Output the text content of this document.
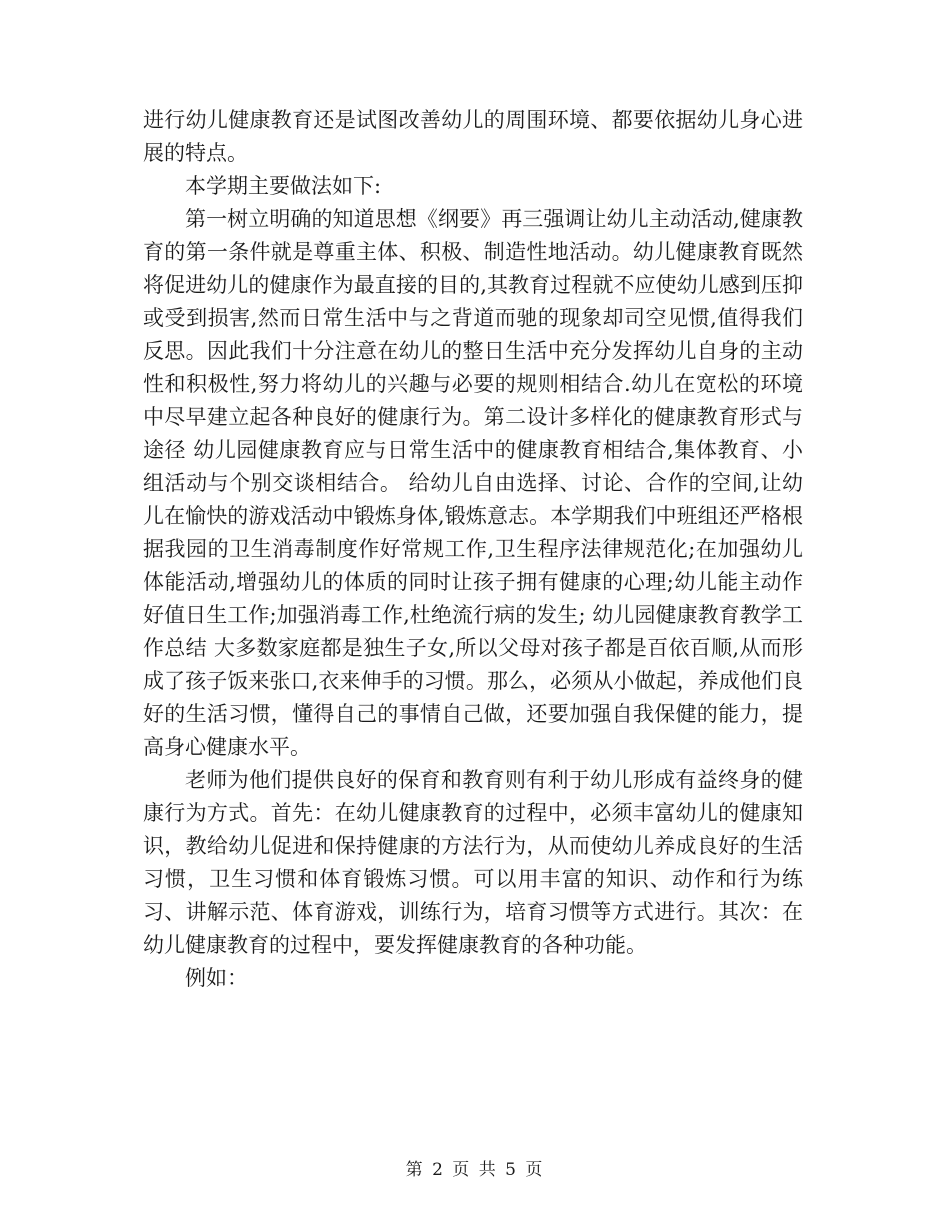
进行幼儿健康教育还是试图改善幼儿的周围环境、都要依据幼儿身心进展的特点。

本学期主要做法如下:

第一树立明确的知道思想《纲要》再三强调让幼儿主动活动,健康教育的第一条件就是尊重主体、积极、制造性地活动。幼儿健康教育既然将促进幼儿的健康作为最直接的目的,其教育过程就不应使幼儿感到压抑或受到损害,然而日常生活中与之背道而驰的现象却司空见惯,值得我们反思。因此我们十分注意在幼儿的整日生活中充分发挥幼儿自身的主动性和积极性,努力将幼儿的兴趣与必要的规则相结合.幼儿在宽松的环境中尽早建立起各种良好的健康行为。第二设计多样化的健康教育形式与途径 幼儿园健康教育应与日常生活中的健康教育相结合,集体教育、小组活动与个别交谈相结合。 给幼儿自由选择、讨论、合作的空间,让幼儿在愉快的游戏活动中锻炼身体,锻炼意志。本学期我们中班组还严格根据我园的卫生消毒制度作好常规工作,卫生程序法律规范化;在加强幼儿体能活动,增强幼儿的体质的同时让孩子拥有健康的心理;幼儿能主动作好值日生工作;加强消毒工作,杜绝流行病的发生; 幼儿园健康教育教学工作总结 大多数家庭都是独生子女,所以父母对孩子都是百依百顺,从而形成了孩子饭来张口,衣来伸手的习惯。那么，必须从小做起，养成他们良好的生活习惯，懂得自己的事情自己做，还要加强自我保健的能力，提高身心健康水平。

老师为他们提供良好的保育和教育则有利于幼儿形成有益终身的健康行为方式。首先：在幼儿健康教育的过程中，必须丰富幼儿的健康知识，教给幼儿促进和保持健康的方法行为，从而使幼儿养成良好的生活习惯，卫生习惯和体育锻炼习惯。可以用丰富的知识、动作和行为练习、讲解示范、体育游戏，训练行为，培育习惯等方式进行。其次：在幼儿健康教育的过程中，要发挥健康教育的各种功能。

例如：

第 2 页 共 5 页
